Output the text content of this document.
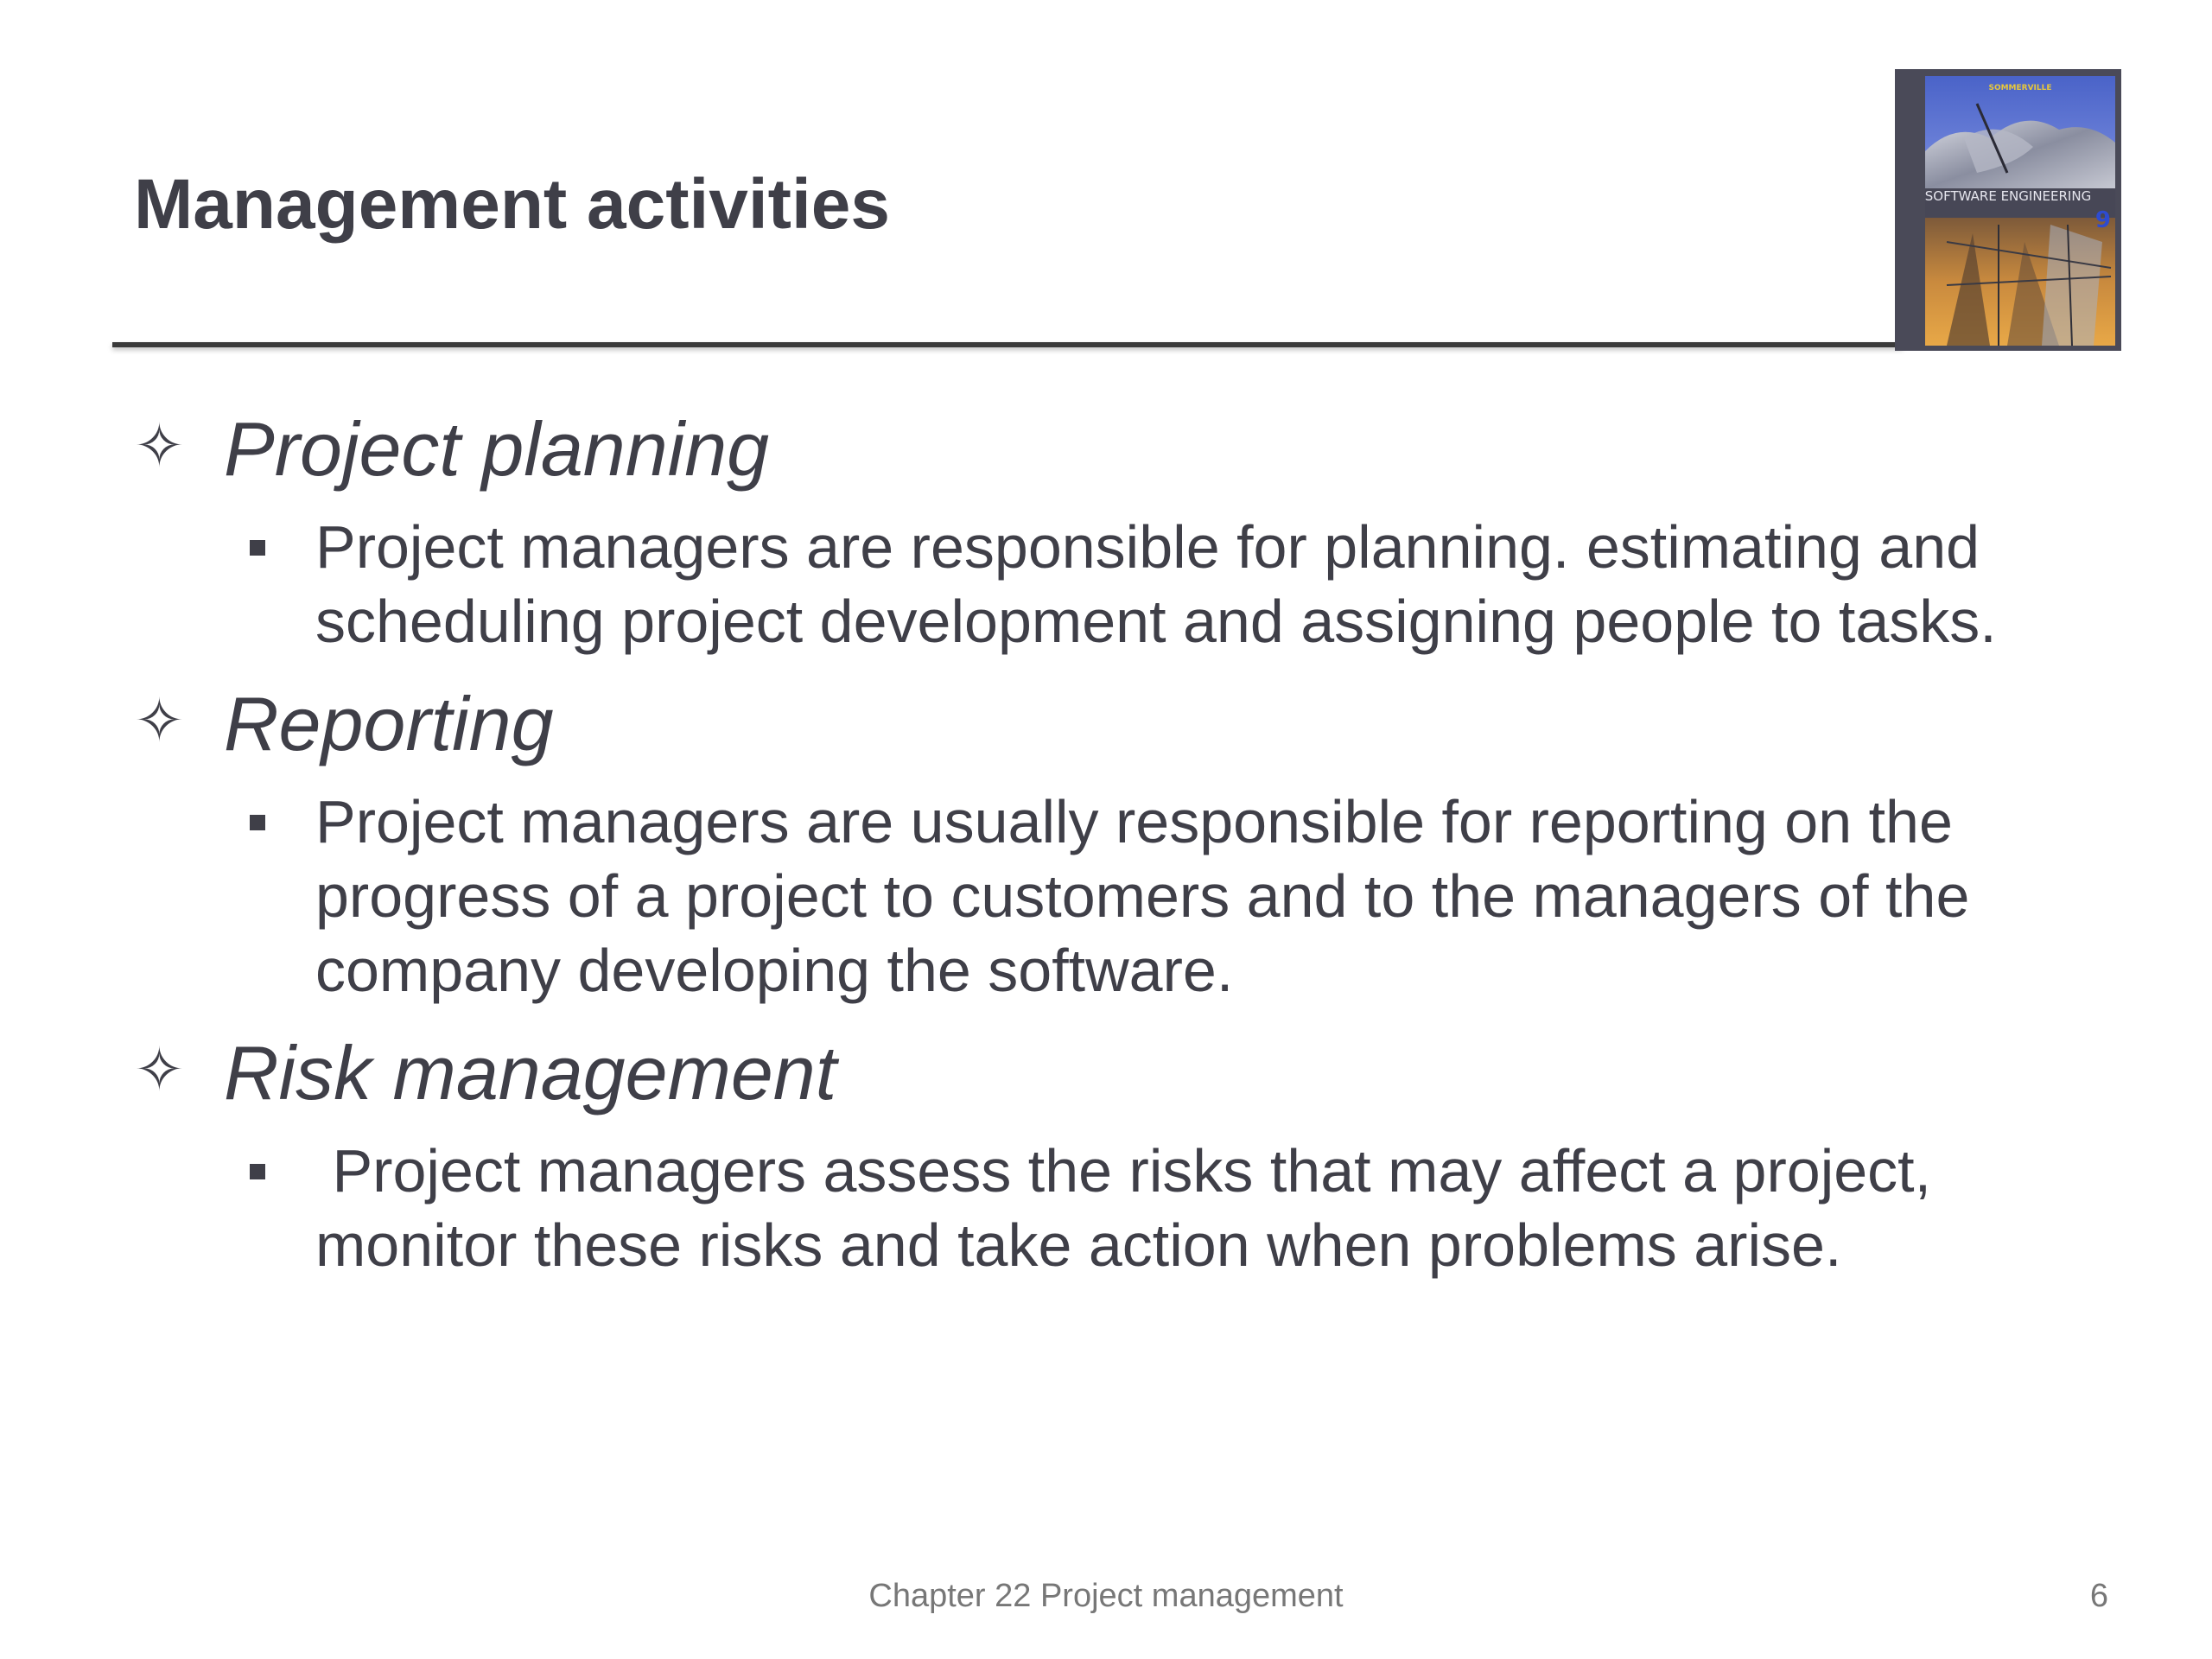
Management activities
SOMMERVILLE
SOFTWARE ENGINEERING
9
✧ Project planning
Project managers are responsible for planning. estimating and scheduling project development and assigning people to tasks.
✧ Reporting
Project managers are usually responsible for reporting on the progress of a project to customers and to the managers of the company developing the software.
✧ Risk management
Project managers assess the risks that may affect a project, monitor these risks and take action when problems arise.
Chapter 22 Project management	6
